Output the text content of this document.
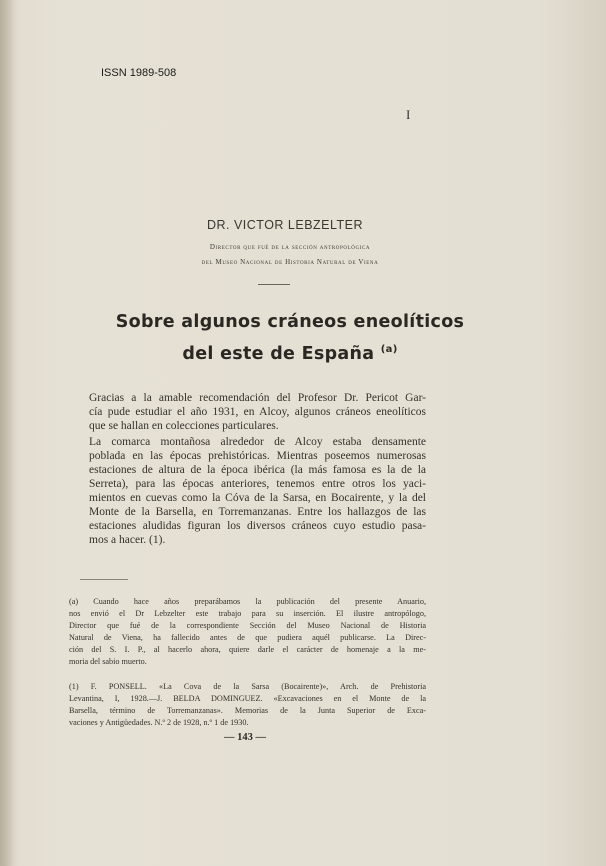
ISSN 1989-508
I
DR. VICTOR LEBZELTER
Director que fué de la sección antropológica
del Museo Nacional de Historia Natural de Viena
Sobre algunos cráneos eneolíticos
del este de España $^{(a)}$
Gracias a la amable recomendación del Profesor Dr. Pericot Gar-
cía pude estudiar el año 1931, en Alcoy, algunos cráneos eneolíticos
que se hallan en colecciones particulares.
La comarca montañosa alrededor de Alcoy estaba densamente
poblada en las épocas prehistóricas. Mientras poseemos numerosas
estaciones de altura de la época ibérica (la más famosa es la de la
Serreta), para las épocas anteriores, tenemos entre otros los yaci-
mientos en cuevas como la Cóva de la Sarsa, en Bocairente, y la del
Monte de la Barsella, en Torremanzanas. Entre los hallazgos de las
estaciones aludidas figuran los diversos cráneos cuyo estudio pasa-
mos a hacer. (1).
(a) Cuando hace años preparábamos la publicación del presente Anuario,
nos envió el Dr Lebzelter este trabajo para su inserción. El ilustre antropólogo,
Director que fué de la correspondiente Sección del Museo Nacional de Historia
Natural de Viena, ha fallecido antes de que pudiera aquél publicarse. La Direc-
ción del S. I. P., al hacerlo ahora, quiere darle el carácter de homenaje a la me-
moria del sabio muerto.
(1) F. PONSELL. «La Cova de la Sarsa (Bocairente)», Arch. de Prehistoria
Levantina, I, 1928.—J. BELDA DOMINGUEZ. «Excavaciones en el Monte de la
Barsella, término de Torremanzanas». Memorias de la Junta Superior de Exca-
vaciones y Antigüedades. N.º 2 de 1928, n.º 1 de 1930.
— 143 —
